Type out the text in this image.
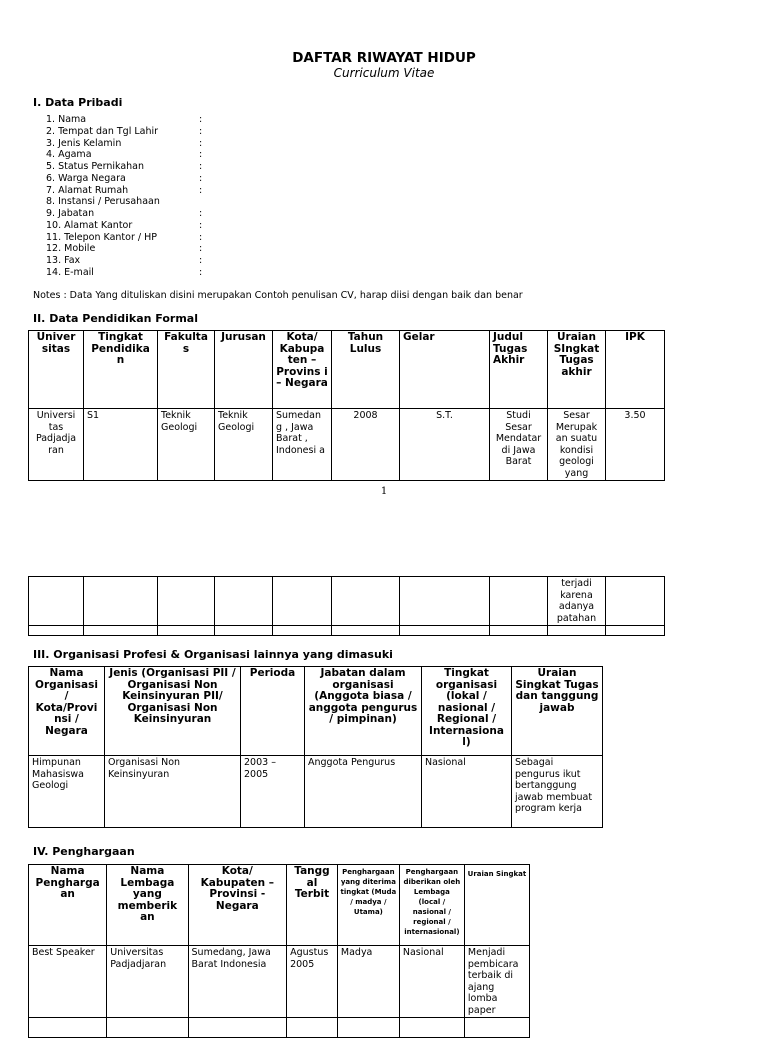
DAFTAR RIWAYAT HIDUP
Curriculum Vitae
I. Data Pribadi
1. Nama	:
2. Tempat dan Tgl Lahir	:
3. Jenis Kelamin	:
4. Agama	:
5. Status Pernikahan	:
6. Warga Negara	:
7. Alamat Rumah	:
8. Instansi / Perusahaan
9. Jabatan	:
10. Alamat Kantor	:
11. Telepon Kantor / HP	:
12. Mobile	:
13. Fax	:
14. E-mail	:
Notes : Data Yang dituliskan disini merupakan Contoh penulisan CV, harap diisi dengan baik dan benar
II. Data Pendidikan Formal
Univer sitas	Tingkat Pendidika n	Fakulta s	Jurusan	Kota/ Kabupa ten – Provins i – Negara	Tahun Lulus	Gelar	Judul Tugas Akhir	Uraian SIngkat Tugas akhir	IPK
Universi tas Padjadja ran	S1	Teknik Geologi	Teknik Geologi	Sumedan g , Jawa Barat , Indonesi a	2008	S.T.	Studi Sesar Mendatar di Jawa Barat	Sesar Merupak an suatu kondisi geologi yang	3.50
1
								terjadi karena adanya patahan	

III. Organisasi Profesi & Organisasi lainnya yang dimasuki
Nama Organisasi / Kota/Provi nsi / Negara	Jenis (Organisasi PII / Organisasi Non Keinsinyuran PII/ Organisasi Non Keinsinyuran	Perioda	Jabatan dalam organisasi (Anggota biasa / anggota pengurus / pimpinan)	Tingkat organisasi (lokal / nasional / Regional / Internasiona l)	Uraian Singkat Tugas dan tanggung jawab
Himpunan Mahasiswa Geologi	Organisasi Non Keinsinyuran	2003 – 2005	Anggota Pengurus	Nasional	Sebagai pengurus ikut bertanggung jawab membuat program kerja
IV. Penghargaan
Nama Pengharga an	Nama Lembaga yang memberik an	Kota/ Kabupaten – Provinsi - Negara	Tangg al Terbit	Penghargaan yang diterima tingkat (Muda / madya / Utama)	Penghargaan diberikan oleh Lembaga (local / nasional / regional / internasional)	Uraian Singkat
Best Speaker	Universitas Padjadjaran	Sumedang, Jawa Barat Indonesia	Agustus 2005	Madya	Nasional	Menjadi pembicara terbaik di ajang lomba paper
